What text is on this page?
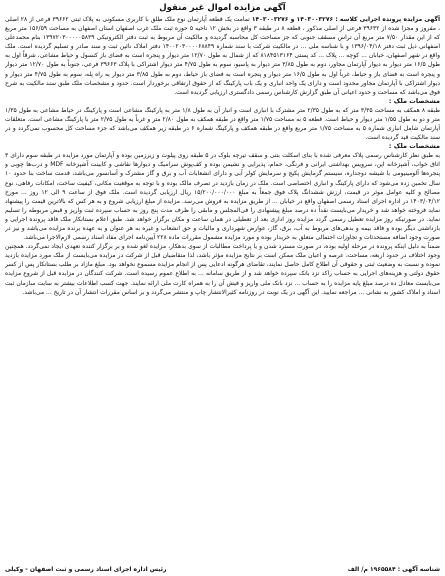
آگهی مزایده اموال غیر منقول

آگهی مزایده پرونده اجرایی کلاسه : ۱۴۰۳۰۰۳۲۷۶ و ۱۴۰۳۰۰۳۲۷۶ تمامت یک قطعه آپارتمان نوع ملک طلق با کاربری مسکونی به پلاک ثبتی ۳۹۶۶۲ فرعی از ۲۸ اصلی ، مفروز و مجزا شده از ۳۹۶۳۲ فرعی از اصلی مذکور ، قطعه ۸ در طبقه ۳ واقع در بخش ۱۲ ناحیه ۵ حوزه ثبت ملک غرب اصفهان استان اصفهان به مساحت ۱۵۶/۵۹ متر مربع که از این مقدار ۷/۵۰ متر مربع آن تراس مسقف جنوبی که جز مساحت کل محاسبه گردیده و مالکیت آن مربوط به ثبت دفتر الکترونیکی ۱۳۹۷۲۰۳۰۰۰۰۰۵۸۳۹ بنام محمدعلی اصفهانی ذیل ثبت دفتر ۱۳۹۶/۰۴/۱۸ و با شناسه ملی ... در مالکیت شرکت با سند شماره ۱۴۰۰۲۰۳۰۰۰۰۶۸۸۴۹ دفتر املاک نائین ثبت و سند صادر و تسلیم گردیده است. ملک واقع در شهر اصفهان، خیابان ... کوچه ... پلاک ... کد پستی ۸۱۸۴۵۱۳۱۶۴ که از شمال به طول ۱۲/۷۰ متر دیوار و پنجره است به فضای باز کنسول و حیاط مشاعی، شرقاً اول به طول ۱۶/۵ متر دیوار به دیوار آپارتمان مجاور، دوم به طول ۳/۸۵ متر دیوار به پاسیو، سوم به طول ۴/۷۵ متر دیوار اشتراکی با پلاک ۳۹۶۶۳ فرعی، جنوباً به طول ۱۲/۷۰ متر دیوار و پنجره است به فضای باز و حیاط، غرباً اول به طول ۱۶/۵ متر دیوار و پنجره است به فضای باز حیاط، دوم به طول ۳/۸۵ متر دیوار به راه پله، سوم به طول ۴/۷۵ متر دیوار و دیوار اشتراکی با آپارتمان مجاور محدود است و دارای یک واحد انباری و یک باب پارکینگ که از حقوق ارتفاقی برخوردار است. حدود و مشخصات ملک طبق سند مالکیت به شرح فوق می‌باشد که مساحت و حدود اعیانی آن طبق گزارش کارشناس رسمی دادگستری ارزیابی گردیده است.

مشخصات ملک :

طبقه ۸ همکف به مساحت ۳/۳۵ متر که به طول ۲/۳۵ متر مشترک با انباری است و انبار آن به طول ۱/۸ متر به پارکینگ مشاعی است و پارکینگ در حیاط مشاعی به طول ۱/۳۵ متر و دو به طول ۱/۵۵ متر دیوار و حیاط است. قطعه ۵ به مساحت ۱/۷۵ متر واقع در طبقه همکف به طول ۲/۸۰ متر و غرباً به طول ۲/۷۵ متر با پارکینگ مشاعی است. متعلقات آپارتمان شامل انباری شماره ۵ به مساحت ۱/۷۵ متر مربع واقع در طبقه همکف و پارکینگ شماره ۶ در طبقه زیر همکف می‌باشد که جزء مساحت کل محسوب نمی‌گردد و در سند مالکیت قید گردیده است.

مشخصات ملک :

به طبق نظر کارشناس رسمی پلاک معرفی شده با بنای اسکلت بتنی و سقف تیرچه بلوک در ۵ طبقه روی پیلوت و زیرزمین بوده و آپارتمان مورد مزایده در طبقه سوم دارای ۳ اتاق خواب، آشپزخانه اپن، سرویس بهداشتی ایرانی و فرنگی، حمام، پذیرایی و نشیمن بوده و کف‌پوش سرامیک و دیوارها نقاشی و کابینت آشپزخانه MDF و درب‌ها چوبی و پنجره‌ها آلومینیومی با شیشه دوجداره، سیستم گرمایش پکیج و سرمایش کولر آبی و دارای انشعابات آب و برق و گاز مشترک و آسانسور می‌باشد، قدمت ساخت بنا حدود ۱۰ سال تخمین زده می‌شود که دارای پارکینگ و انباری اختصاصی است. ملک در زمان بازدید در تصرف مالک بوده و با توجه به موقعیت مکانی، کیفیت ساخت، امکانات رفاهی، نوع مصالح و کلیه عوامل موثر در قیمت، ارزش ششدانگ پلاک فوق جمعاً به مبلغ ۱۵/۲۰۰/۰۰۰/۰۰۰ ریال ارزیابی گردیده است. ملک فوق از ساعت ۹ الی ۱۲ روز ... مورخ ۱۴۰۳/۰۴/۱۲ در اداره اجرای اسناد رسمی اصفهان واقع در خیابان ... از طریق مزایده به فروش می‌رسد. مزایده از مبلغ ارزیابی شروع و به هر کس که بالاترین قیمت را پیشنهاد نماید فروخته خواهد شد و خریدار می‌بایست نقداً ده درصد مبلغ پیشنهادی را فی‌المجلس و مابقی را ظرف مدت پنج روز به حساب سپرده ثبت واریز و قبض مربوطه را تسلیم نماید. در صورتیکه روز مزایده تعطیل رسمی گردد مزایده روز اداری بعد از تعطیلی در همان ساعت و مکان برگزار خواهد شد. طبق اعلام بستانکار ملک فاقد پرونده اجرایی و بازداشتی دیگر بوده و فاقد بیمه و بدهی‌های مربوط به آب، برق، گاز، عوارض شهرداری و مالیات و حق انشعاب و غیره به هر عنوان و به عهده برنده مزایده می‌باشد و نیز در صورت وجود اضافه مستحدثات و تجاوزات احتمالی متعلق به خریدار بوده و مورد مزایده مشمول مقررات ماده ۲۲۸ آیین‌نامه اجرای مفاد اسناد رسمی لازم‌الاجرا می‌باشد.

ضمناً به دلیل اینکه پرونده در مرحله اولیه بوده، در صورت مسترد شدن و یا پرداخت مطالبات از سوی بدهکار، مزایده لغو شده و بر برگزار کننده تعهدی ایجاد نمی‌گردد. همچنین وجود اختلاف در حدود اربعه، مساحت، عرصه و اعیان ملک ممکن است بر نتایج مزایده مؤثر باشد، لذا متقاضیان قبل از شرکت در مزایده می‌بایست از ملک مورد مزایده بازدید نموده و نسبت به وضعیت ثبتی و حقوقی آن اطلاع کامل حاصل نمایند، تقاضای هرگونه ادعایی پس از انجام مزایده مسموع نخواهد بود. مبلغ مازاد بر طلب بستانکار پس از کسر حقوق دولتی و هزینه‌های اجرایی به حساب راکد نزد بانک سپرده خواهد شد و از طریق سامانه ... به اطلاع عموم رسیده است. شرکت کنندگان در مزایده قبل از شروع مزایده می‌بایست معادل ده درصد مبلغ پایه مزایده را به حساب ... نزد بانک ملی واریز و فیش آن را به همراه کارت ملی ارائه نمایند. جهت کسب اطلاعات بیشتر به سایت سازمان ثبت اسناد و املاک کشور به نشانی ... مراجعه نمایید. این آگهی در یک نوبت در روزنامه کثیرالانتشار چاپ و منتشر می‌گردد و بر اساس مقررات انتشار آن در تاریخ ... می‌باشد.

شناسه آگهی : ۱۹۶۵۵۸۴ م/ الف
رئیس اداره اجرای اسناد رسمی و ثبت اصفهان - وکیلی
